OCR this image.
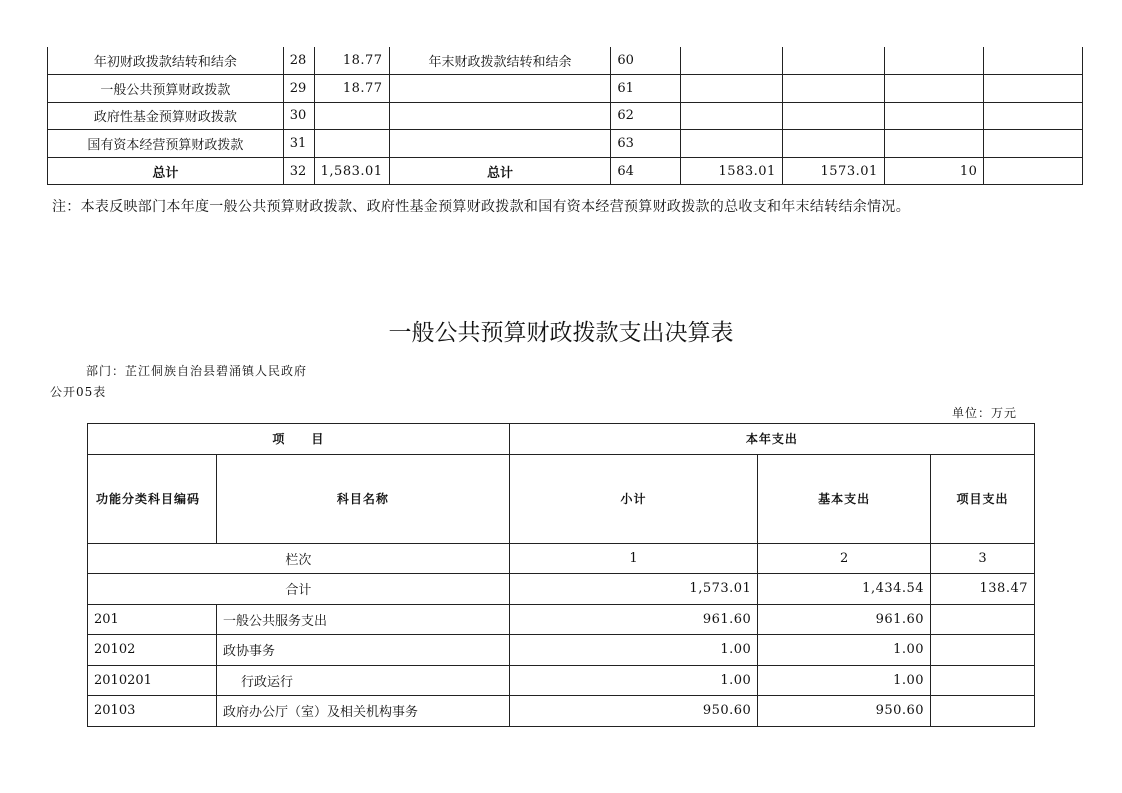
年初财政拨款结转和结余	28	18.77	年末财政拨款结转和结余	60				
一般公共预算财政拨款	29	18.77		61				
政府性基金预算财政拨款	30			62				
国有资本经营预算财政拨款	31			63				
总计	32	1,583.01	总计	64	1583.01	1573.01	10	
注：本表反映部门本年度一般公共预算财政拨款、政府性基金预算财政拨款和国有资本经营预算财政拨款的总收支和年末结转结余情况。
一般公共预算财政拨款支出决算表
部门：芷江侗族自治县碧涌镇人民政府
公开05表
单位：万元
项　　目		本年支出		
功能分类科目编码	科目名称	小计	基本支出	项目支出
栏次		1	2	3
合计		1,573.01	1,434.54	138.47
201	一般公共服务支出	961.60	961.60	
20102	政协事务	1.00	1.00	
2010201	行政运行	1.00	1.00	
20103	政府办公厅（室）及相关机构事务	950.60	950.60	
